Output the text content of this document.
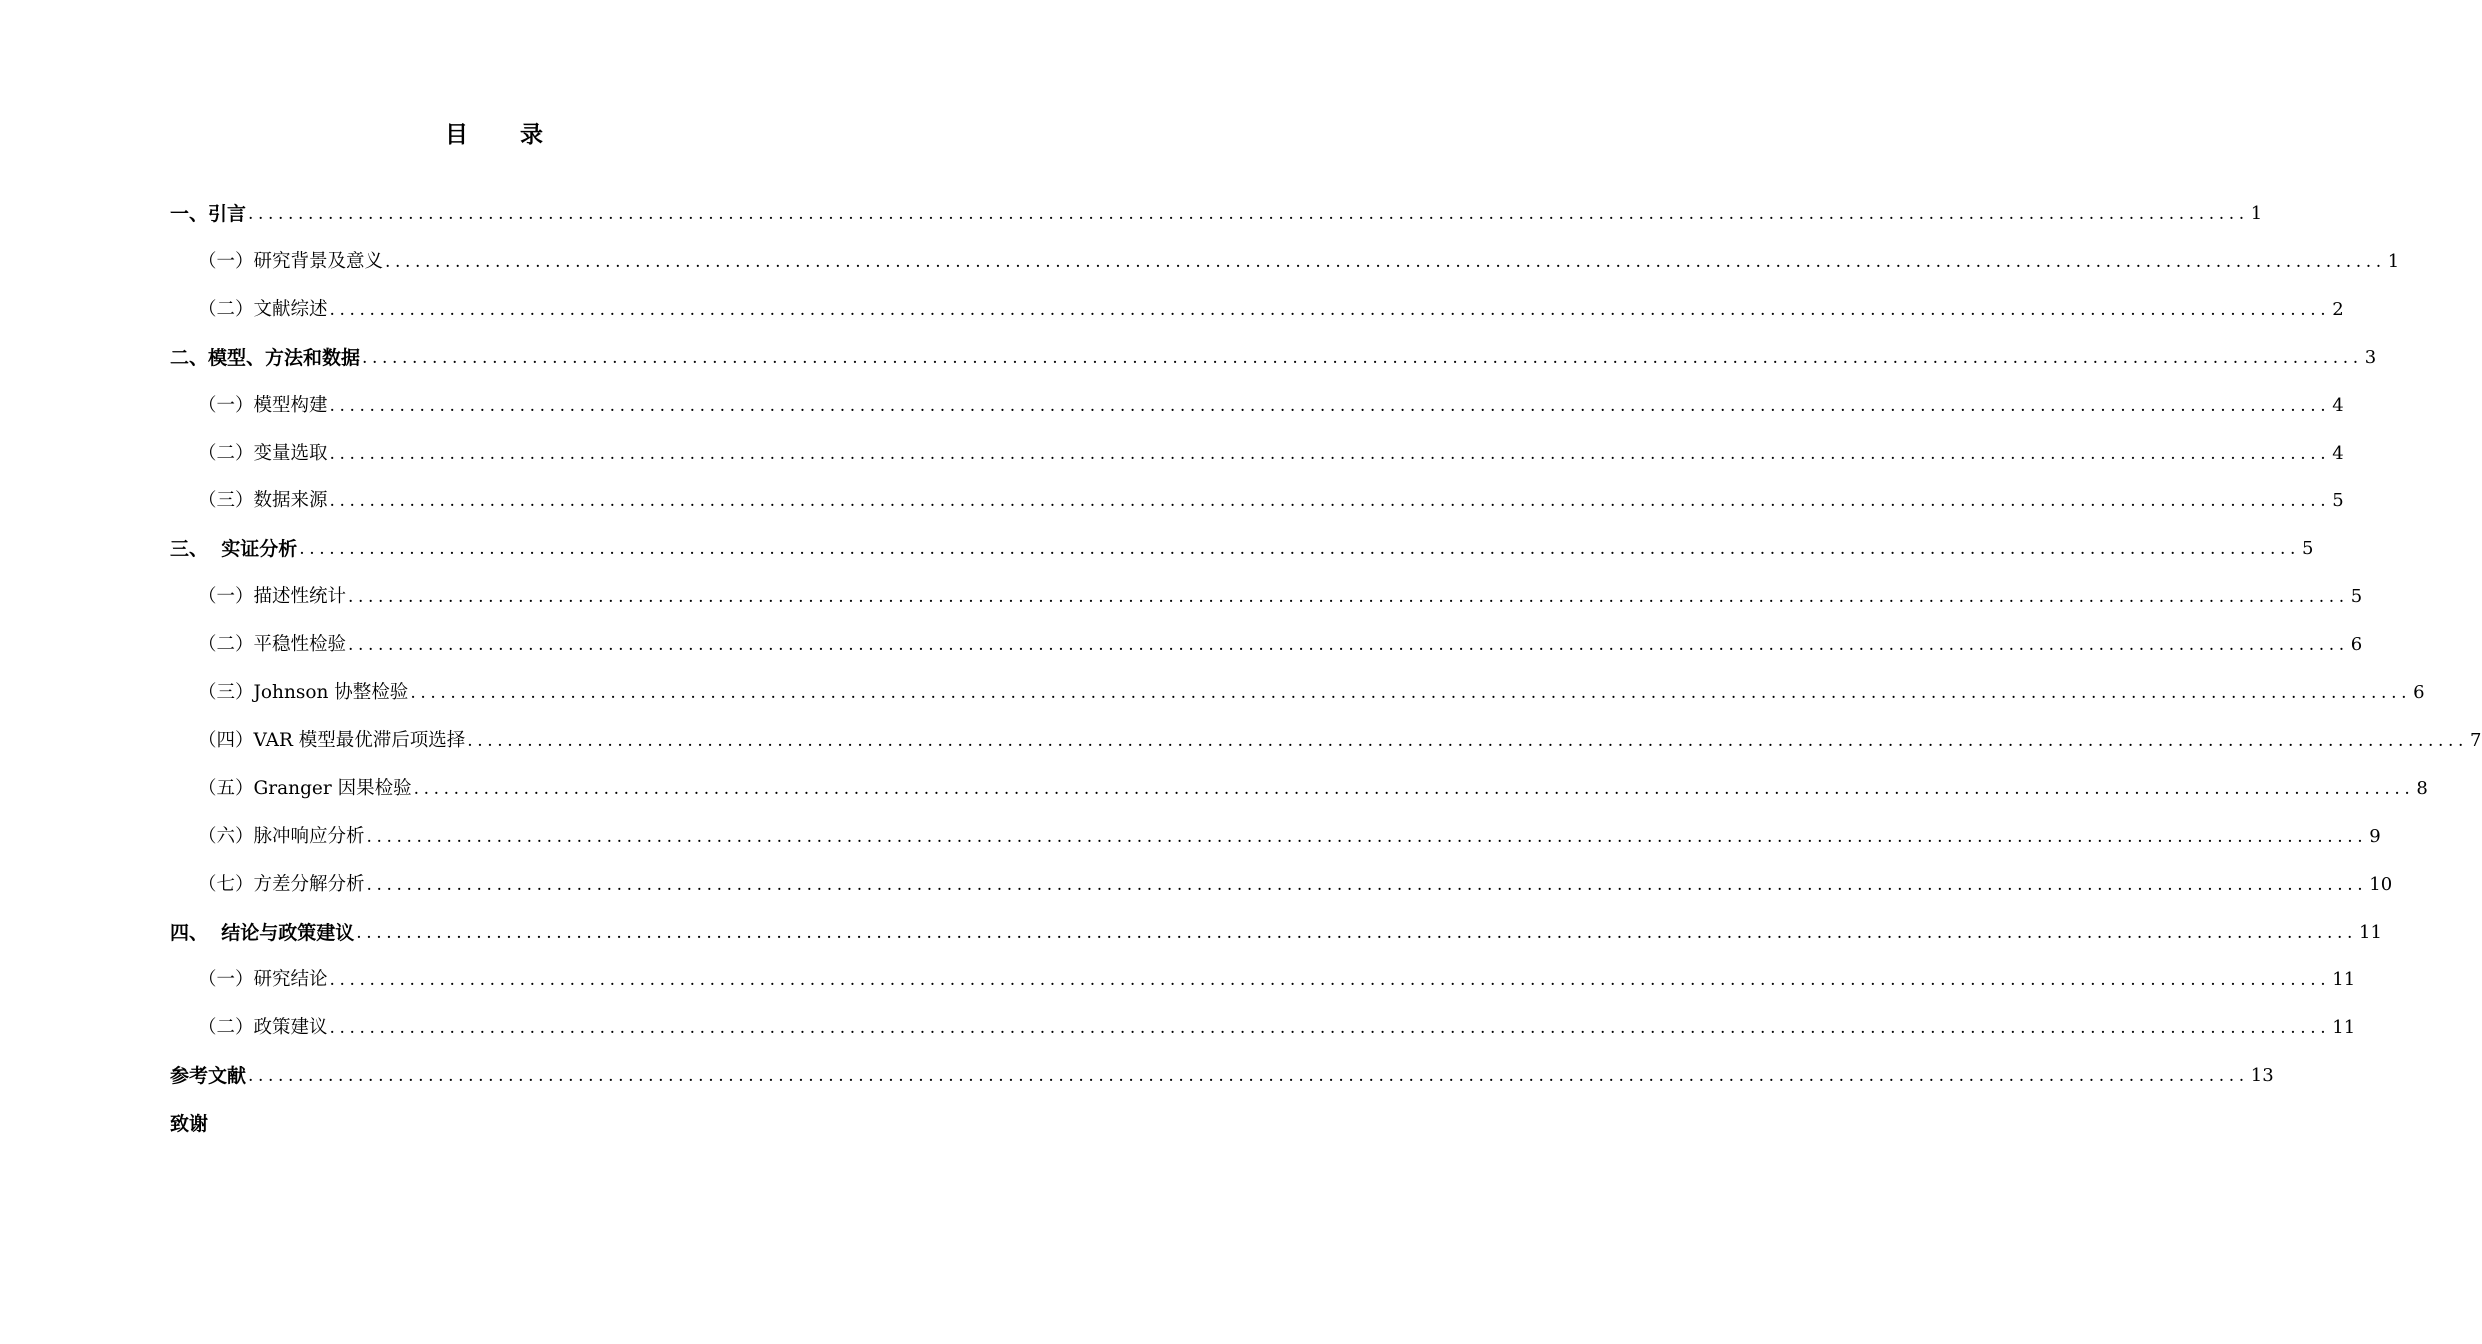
目　　录
一、引言 ........................................................................................................................................................................................................ 1
（一）研究背景及意义 ........................................................................................................................................................................................................ 1
（二）文献综述 ........................................................................................................................................................................................................ 2
二、模型、方法和数据 ........................................................................................................................................................................................................ 3
（一）模型构建 ........................................................................................................................................................................................................ 4
（二）变量选取 ........................................................................................................................................................................................................ 4
（三）数据来源 ........................................................................................................................................................................................................ 5
三、  实证分析 ........................................................................................................................................................................................................ 5
（一）描述性统计 ........................................................................................................................................................................................................ 5
（二）平稳性检验 ........................................................................................................................................................................................................ 6
（三）Johnson 协整检验 ........................................................................................................................................................................................................ 6
（四）VAR 模型最优滞后项选择 ........................................................................................................................................................................................................ 7
（五）Granger 因果检验 ........................................................................................................................................................................................................ 8
（六）脉冲响应分析 ........................................................................................................................................................................................................ 9
（七）方差分解分析 ........................................................................................................................................................................................................ 10
四、  结论与政策建议 ........................................................................................................................................................................................................ 11
（一）研究结论 ........................................................................................................................................................................................................ 11
（二）政策建议 ........................................................................................................................................................................................................ 11
参考文献 ........................................................................................................................................................................................................ 13
致谢
